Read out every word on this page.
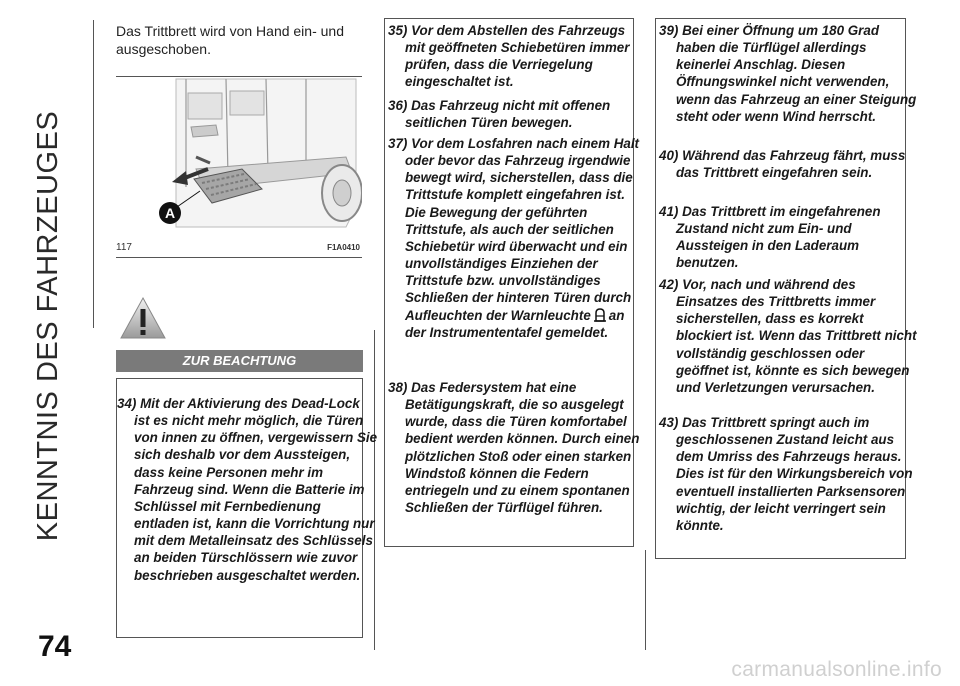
KENNTNIS DES FAHRZEUGES
74
Das Trittbrett wird von Hand ein- und ausgeschoben.
A
117	F1A0410
ZUR BEACHTUNG
34) Mit der Aktivierung des Dead-Lock ist es nicht mehr möglich, die Türen von innen zu öffnen, vergewissern Sie sich deshalb vor dem Aussteigen, dass keine Personen mehr im Fahrzeug sind. Wenn die Batterie im Schlüssel mit Fernbedienung entladen ist, kann die Vorrichtung nur mit dem Metalleinsatz des Schlüssels an beiden Türschlössern wie zuvor beschrieben ausgeschaltet werden.
35) Vor dem Abstellen des Fahrzeugs mit geöffneten Schiebetüren immer prüfen, dass die Verriegelung eingeschaltet ist.
36) Das Fahrzeug nicht mit offenen seitlichen Türen bewegen.
37) Vor dem Losfahren nach einem Halt oder bevor das Fahrzeug irgendwie bewegt wird, sicherstellen, dass die Trittstufe komplett eingefahren ist. Die Bewegung der geführten Trittstufe, als auch der seitlichen Schiebetür wird überwacht und ein unvollständiges Einziehen der Trittstufe bzw. unvollständiges Schließen der hinteren Türen durch Aufleuchten der Warnleuchte an der Instrumententafel gemeldet.
38) Das Federsystem hat eine Betätigungskraft, die so ausgelegt wurde, dass die Türen komfortabel bedient werden können. Durch einen plötzlichen Stoß oder einen starken Windstoß können die Federn entriegeln und zu einem spontanen Schließen der Türflügel führen.
39) Bei einer Öffnung um 180 Grad haben die Türflügel allerdings keinerlei Anschlag. Diesen Öffnungswinkel nicht verwenden, wenn das Fahrzeug an einer Steigung steht oder wenn Wind herrscht.
40) Während das Fahrzeug fährt, muss das Trittbrett eingefahren sein.
41) Das Trittbrett im eingefahrenen Zustand nicht zum Ein- und Aussteigen in den Laderaum benutzen.
42) Vor, nach und während des Einsatzes des Trittbretts immer sicherstellen, dass es korrekt blockiert ist. Wenn das Trittbrett nicht vollständig geschlossen oder geöffnet ist, könnte es sich bewegen und Verletzungen verursachen.
43) Das Trittbrett springt auch im geschlossenen Zustand leicht aus dem Umriss des Fahrzeugs heraus. Dies ist für den Wirkungsbereich von eventuell installierten Parksensoren wichtig, der leicht verringert sein könnte.
carmanualsonline.info
